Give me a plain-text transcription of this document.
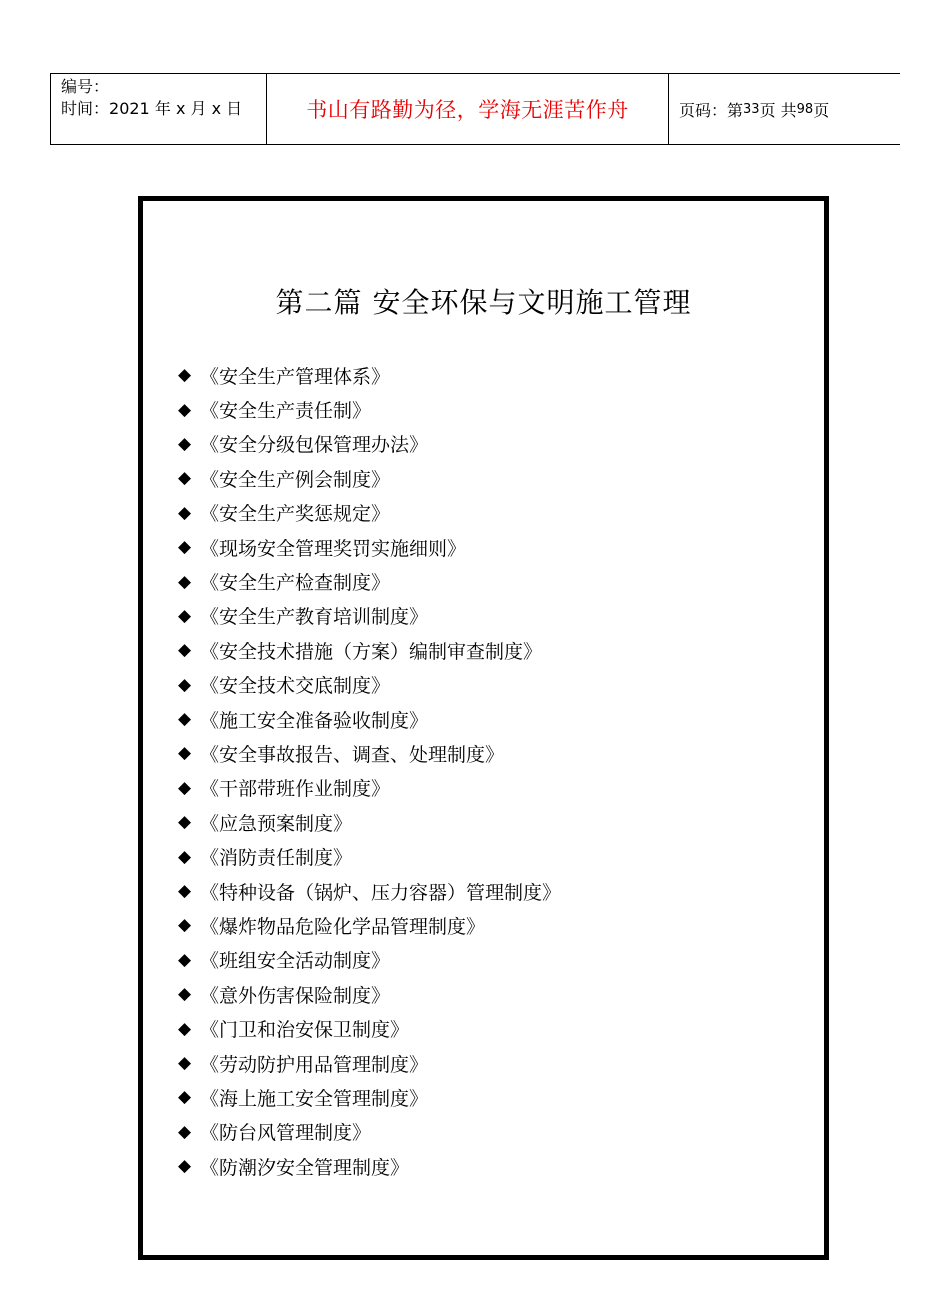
编号：
时间：2021 年 x 月 x 日	书山有路勤为径，学海无涯苦作舟	页码：第 33 页 共 98 页
第二篇 安全环保与文明施工管理
◆ 《安全生产管理体系》
◆ 《安全生产责任制》
◆ 《安全分级包保管理办法》
◆ 《安全生产例会制度》
◆ 《安全生产奖惩规定》
◆ 《现场安全管理奖罚实施细则》
◆ 《安全生产检查制度》
◆ 《安全生产教育培训制度》
◆ 《安全技术措施（方案）编制审查制度》
◆ 《安全技术交底制度》
◆ 《施工安全准备验收制度》
◆ 《安全事故报告、调查、处理制度》
◆ 《干部带班作业制度》
◆ 《应急预案制度》
◆ 《消防责任制度》
◆ 《特种设备（锅炉、压力容器）管理制度》
◆ 《爆炸物品危险化学品管理制度》
◆ 《班组安全活动制度》
◆ 《意外伤害保险制度》
◆ 《门卫和治安保卫制度》
◆ 《劳动防护用品管理制度》
◆ 《海上施工安全管理制度》
◆ 《防台风管理制度》
◆ 《防潮汐安全管理制度》
